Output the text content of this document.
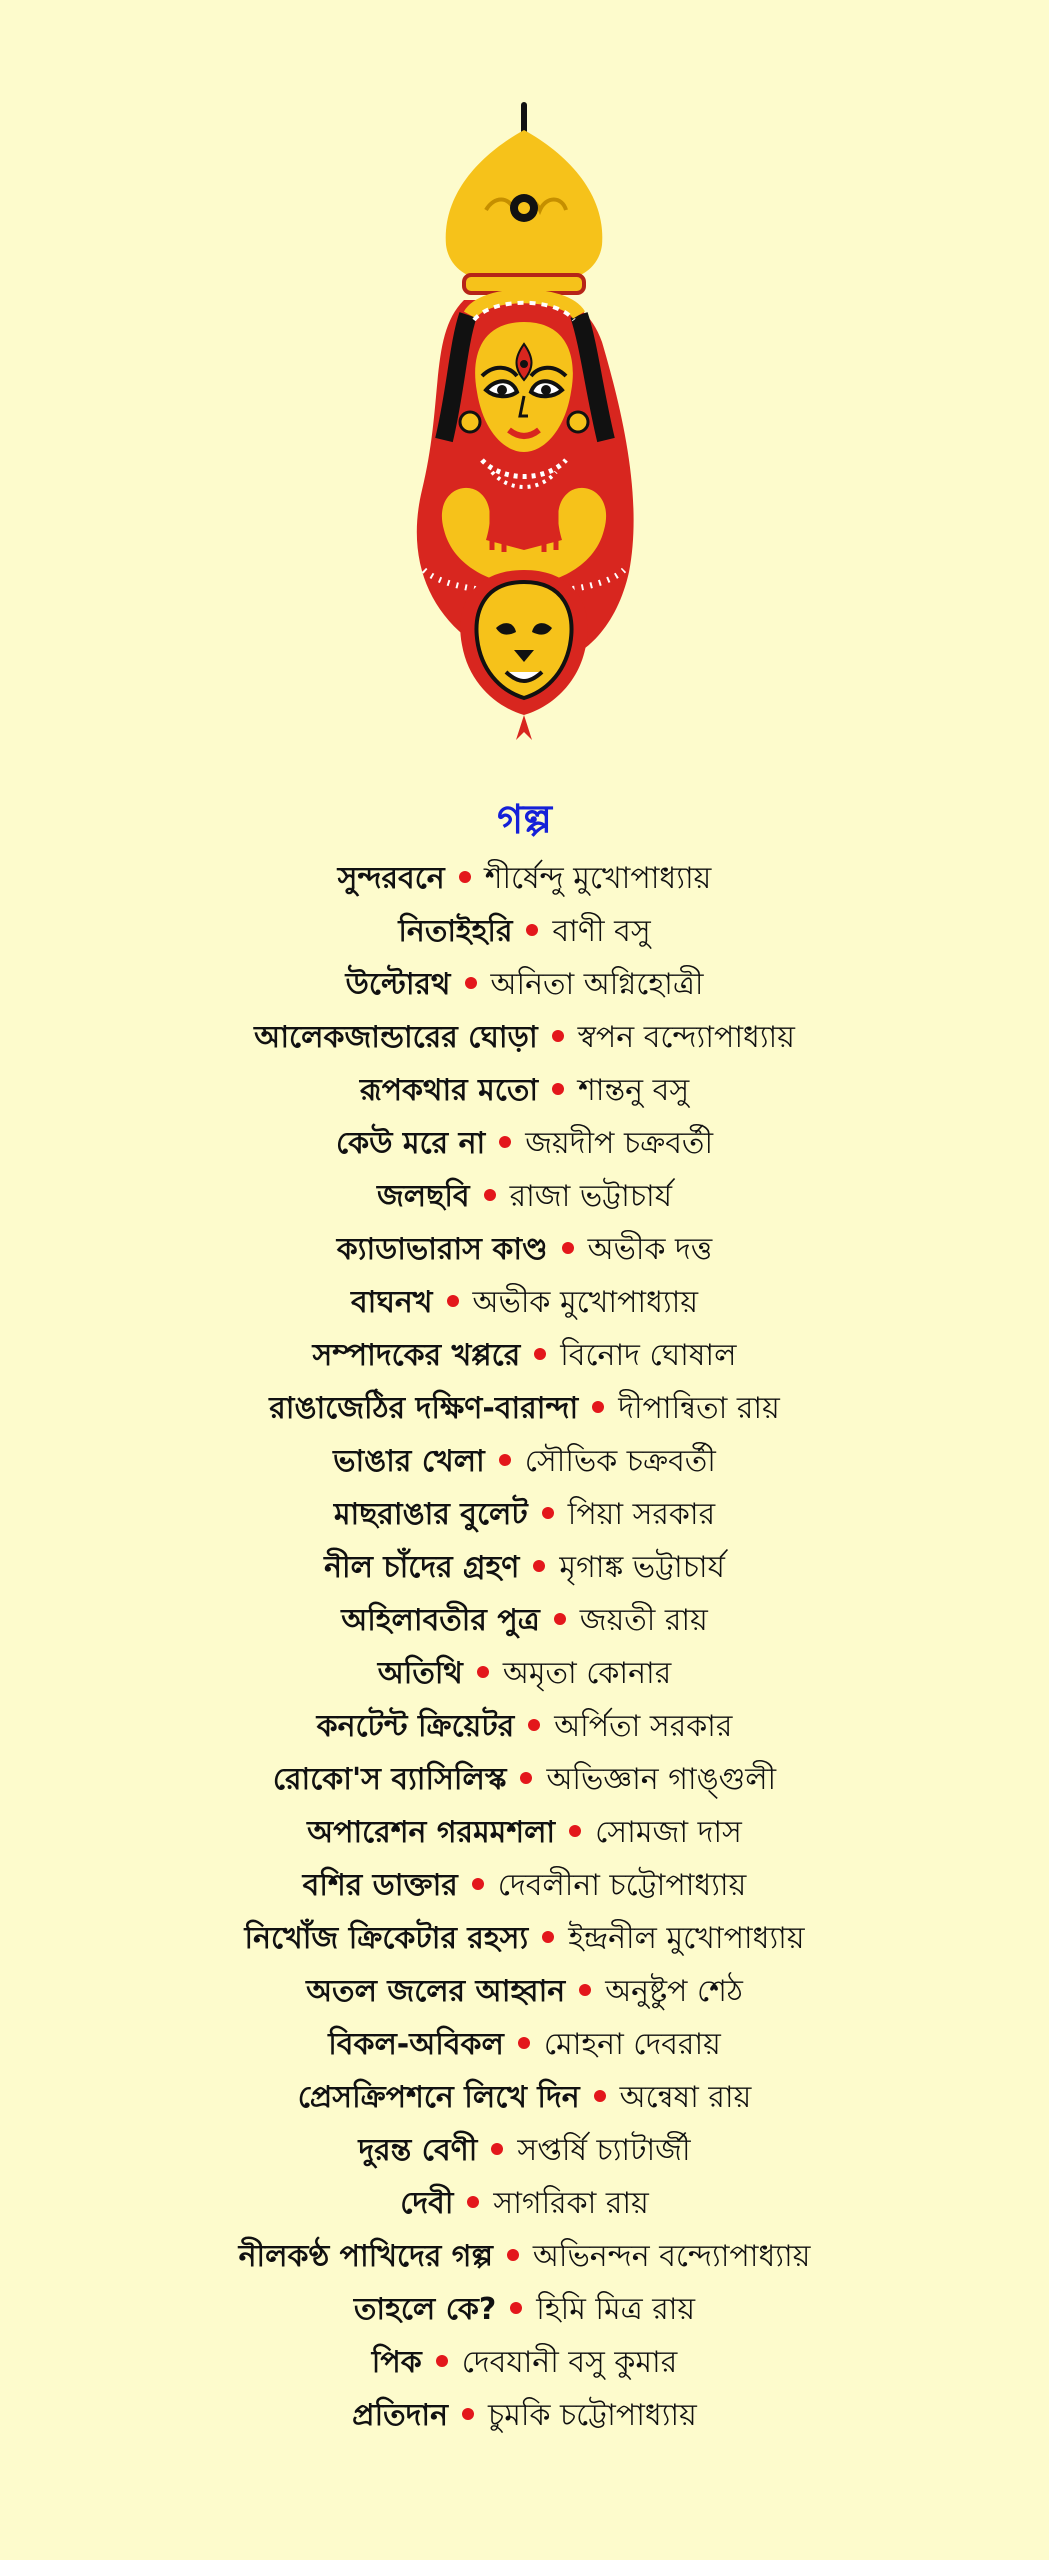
গল্প
সুন্দরবনে শীর্ষেন্দু মুখোপাধ্যায়
নিতাইহরি বাণী বসু
উল্টোরথ অনিতা অগ্নিহোত্রী
আলেকজান্ডারের ঘোড়া স্বপন বন্দ্যোপাধ্যায়
রূপকথার মতো শান্তনু বসু
কেউ মরে না জয়দীপ চক্রবর্তী
জলছবি রাজা ভট্টাচার্য
ক্যাডাভারাস কাণ্ড অভীক দত্ত
বাঘনখ অভীক মুখোপাধ্যায়
সম্পাদকের খপ্পরে বিনোদ ঘোষাল
রাঙাজেঠির দক্ষিণ-বারান্দা দীপান্বিতা রায়
ভাঙার খেলা সৌভিক চক্রবর্তী
মাছরাঙার বুলেট পিয়া সরকার
নীল চাঁদের গ্রহণ মৃগাঙ্ক ভট্টাচার্য
অহিলাবতীর পুত্র জয়তী রায়
অতিথি অমৃতা কোনার
কনটেন্ট ক্রিয়েটর অর্পিতা সরকার
রোকো'স ব্যাসিলিস্ক অভিজ্ঞান গাঙ্গুলী
অপারেশন গরমমশলা সোমজা দাস
বশির ডাক্তার দেবলীনা চট্টোপাধ্যায়
নিখোঁজ ক্রিকেটার রহস্য ইন্দ্রনীল মুখোপাধ্যায়
অতল জলের আহ্বান অনুষ্টুপ শেঠ
বিকল-অবিকল মোহনা দেবরায়
প্রেসক্রিপশনে লিখে দিন অন্বেষা রায়
দুরন্ত বেণী সপ্তর্ষি চ্যাটার্জী
দেবী সাগরিকা রায়
নীলকণ্ঠ পাখিদের গল্প অভিনন্দন বন্দ্যোপাধ্যায়
তাহলে কে? হিমি মিত্র রায়
পিক দেবযানী বসু কুমার
প্রতিদান চুমকি চট্টোপাধ্যায়
